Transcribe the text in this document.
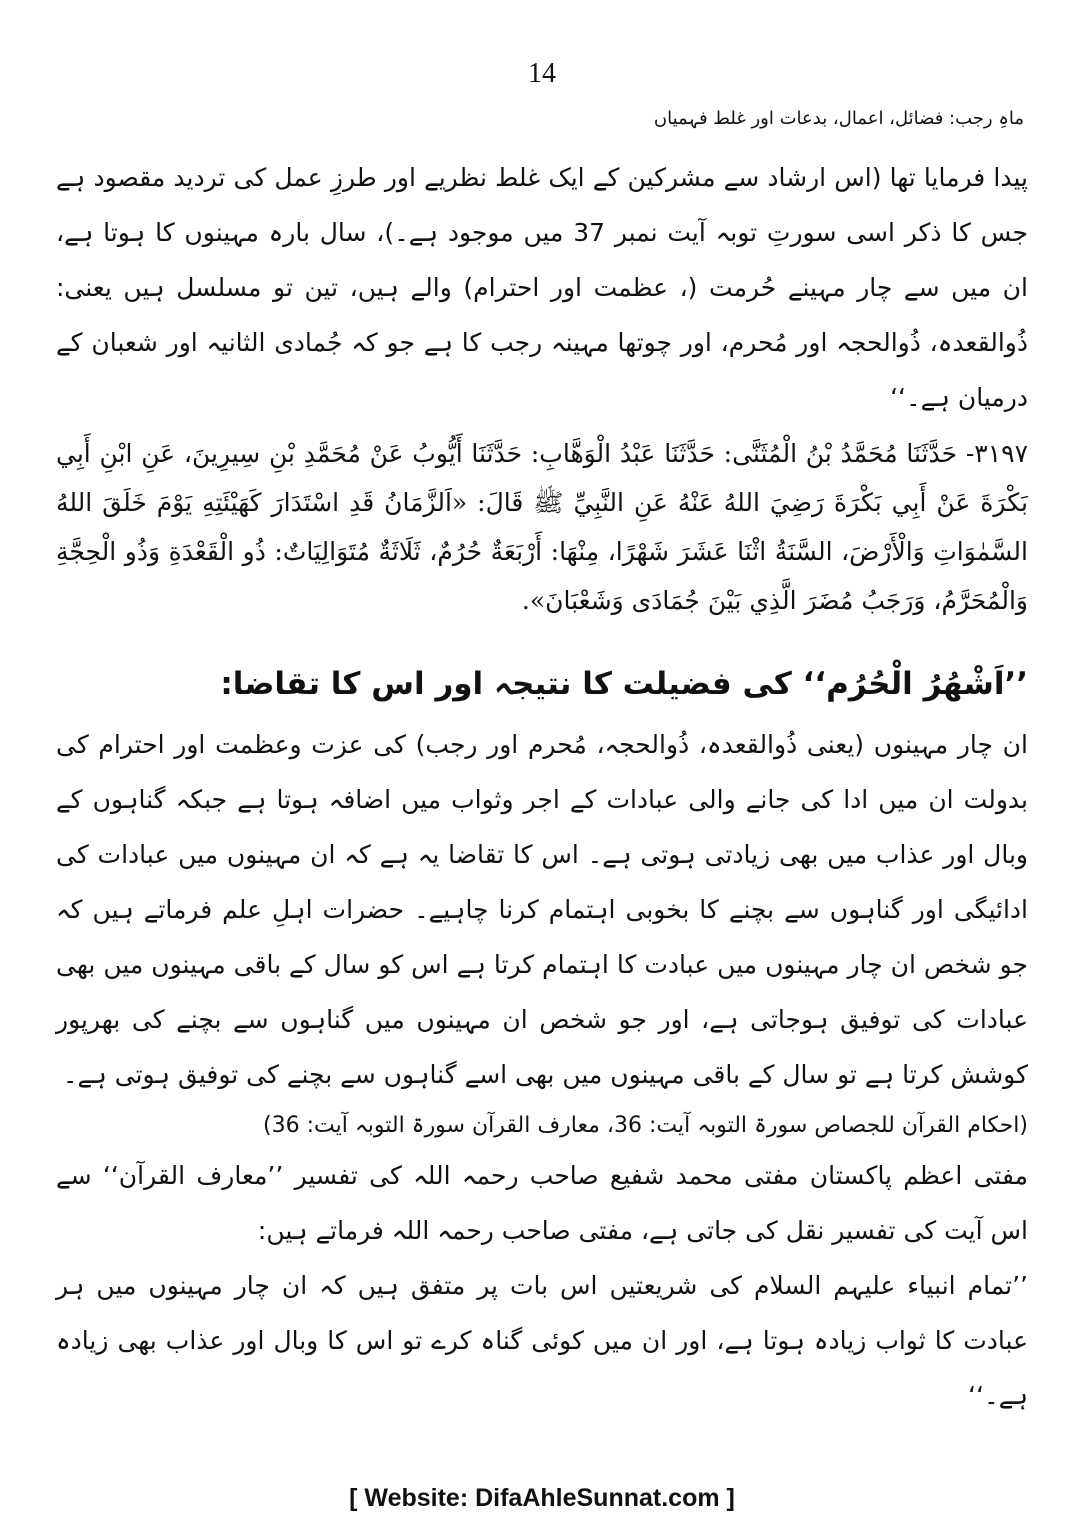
14
ماہِ رجب: فضائل، اعمال، بدعات اور غلط فہمیاں

پیدا فرمایا تھا (اس ارشاد سے مشرکین کے ایک غلط نظریے اور طرزِ عمل کی تردید مقصود ہے جس کا ذکر اسی سورتِ توبہ آیت نمبر 37 میں موجود ہے۔)، سال بارہ مہینوں کا ہوتا ہے، ان میں سے چار مہینے حُرمت (، عظمت اور احترام) والے ہیں، تین تو مسلسل ہیں یعنی: ذُوالقعدہ، ذُوالحجہ اور مُحرم، اور چوتھا مہینہ رجب کا ہے جو کہ جُمادی الثانیہ اور شعبان کے درمیان ہے۔‘‘

۳۱۹۷- حَدَّثَنَا مُحَمَّدُ بْنُ الْمُثَنَّى: حَدَّثَنَا عَبْدُ الْوَهَّابِ: حَدَّثَنَا أَيُّوبُ عَنْ مُحَمَّدِ بْنِ سِيرِينَ، عَنِ ابْنِ أَبِي بَكْرَةَ عَنْ أَبِي بَكْرَةَ رَضِيَ اللهُ عَنْهُ عَنِ النَّبِيِّ ﷺ قَالَ: «اَلزَّمَانُ قَدِ اسْتَدَارَ كَهَيْئَتِهِ يَوْمَ خَلَقَ اللهُ السَّمٰوَاتِ وَالْأَرْضَ، السَّنَةُ اثْنَا عَشَرَ شَهْرًا، مِنْهَا: أَرْبَعَةٌ حُرُمٌ، ثَلَاثَةٌ مُتَوَالِيَاتٌ: ذُو الْقَعْدَةِ وَذُو الْحِجَّةِ وَالْمُحَرَّمُ، وَرَجَبُ مُضَرَ الَّذِي بَيْنَ جُمَادَى وَشَعْبَانَ».

’’اَشْهُرُ الْحُرُم‘‘ کی فضیلت کا نتیجہ اور اس کا تقاضا:

ان چار مہینوں (یعنی ذُوالقعدہ، ذُوالحجہ، مُحرم اور رجب) کی عزت وعظمت اور احترام کی بدولت ان میں ادا کی جانے والی عبادات کے اجر وثواب میں اضافہ ہوتا ہے جبکہ گناہوں کے وبال اور عذاب میں بھی زیادتی ہوتی ہے۔ اس کا تقاضا یہ ہے کہ ان مہینوں میں عبادات کی ادائیگی اور گناہوں سے بچنے کا بخوبی اہتمام کرنا چاہیے۔ حضرات اہلِ علم فرماتے ہیں کہ جو شخص ان چار مہینوں میں عبادت کا اہتمام کرتا ہے اس کو سال کے باقی مہینوں میں بھی عبادات کی توفیق ہوجاتی ہے، اور جو شخص ان مہینوں میں گناہوں سے بچنے کی بھرپور کوشش کرتا ہے تو سال کے باقی مہینوں میں بھی اسے گناہوں سے بچنے کی توفیق ہوتی ہے۔

(احکام القرآن للجصاص سورۃ التوبہ آیت: 36، معارف القرآن سورۃ التوبہ آیت: 36)

مفتی اعظم پاکستان مفتی محمد شفیع صاحب رحمہ اللہ کی تفسیر ’’معارف القرآن‘‘ سے اس آیت کی تفسیر نقل کی جاتی ہے، مفتی صاحب رحمہ اللہ فرماتے ہیں:

’’تمام انبیاء علیہم السلام کی شریعتیں اس بات پر متفق ہیں کہ ان چار مہینوں میں ہر عبادت کا ثواب زیادہ ہوتا ہے، اور ان میں کوئی گناہ کرے تو اس کا وبال اور عذاب بھی زیادہ ہے۔‘‘

[ Website: DifaAhleSunnat.com ]
